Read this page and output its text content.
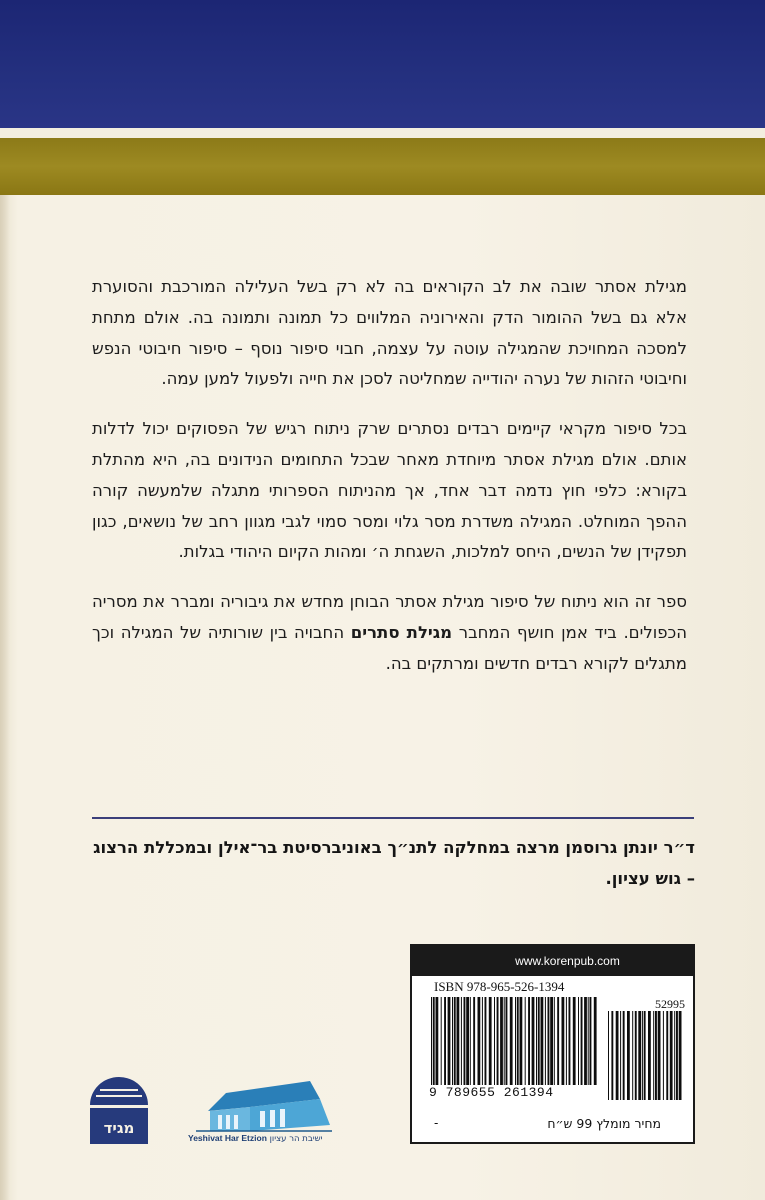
מגילת אסתר שובה את לב הקוראים בה לא רק בשל העלילה המורכבת והסוערת אלא גם בשל ההומור הדק והאירוניה המלווים כל תמונה ותמונה בה. אולם מתחת למסכה המחויכת שהמגילה עוטה על עצמה, חבוי סיפור נוסף – סיפור חיבוטי הנפש וחיבוטי הזהות של נערה יהודייה שמחליטה לסכן את חייה ולפעול למען עמה.

בכל סיפור מקראי קיימים רבדים נסתרים שרק ניתוח רגיש של הפסוקים יכול לדלות אותם. אולם מגילת אסתר מיוחדת מאחר שבכל התחומים הנידונים בה, היא מהתלת בקורא: כלפי חוץ נדמה דבר אחד, אך מהניתוח הספרותי מתגלה שלמעשה קורה ההפך המוחלט. המגילה משדרת מסר גלוי ומסר סמוי לגבי מגוון רחב של נושאים, כגון תפקידן של הנשים, היחס למלכות, השגחת ה׳ ומהות הקיום היהודי בגלות.

ספר זה הוא ניתוח של סיפור מגילת אסתר הבוחן מחדש את גיבוריה ומברר את מסריה הכפולים. ביד אמן חושף המחבר מגילת סתרים החבויה בין שורותיה של המגילה וכך מתגלים לקורא רבדים חדשים ומרתקים בה.

ד״ר יונתן גרוסמן מרצה במחלקה לתנ״ך באוניברסיטת בר־אילן ובמכללת הרצוג – גוש עציון.
www.korenpub.com
ISBN 978-965-526-1394
52995
9 789655 261394
-	מחיר מומלץ 99 ש״ח
Yeshivat Har Etzion ישיבת הר עציון
מגיד
